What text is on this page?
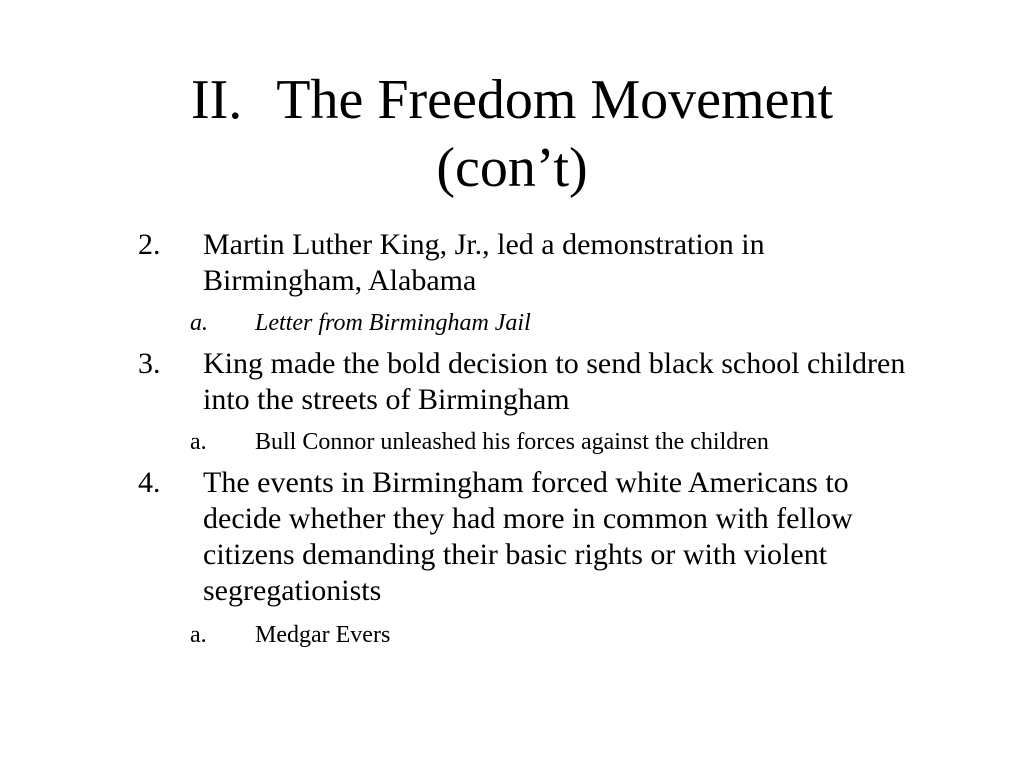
II. The Freedom Movement
(con’t)
2. Martin Luther King, Jr., led a demonstration in Birmingham, Alabama
a. Letter from Birmingham Jail
3. King made the bold decision to send black school children into the streets of Birmingham
a. Bull Connor unleashed his forces against the children
4. The events in Birmingham forced white Americans to decide whether they had more in common with fellow citizens demanding their basic rights or with violent segregationists
a. Medgar Evers
